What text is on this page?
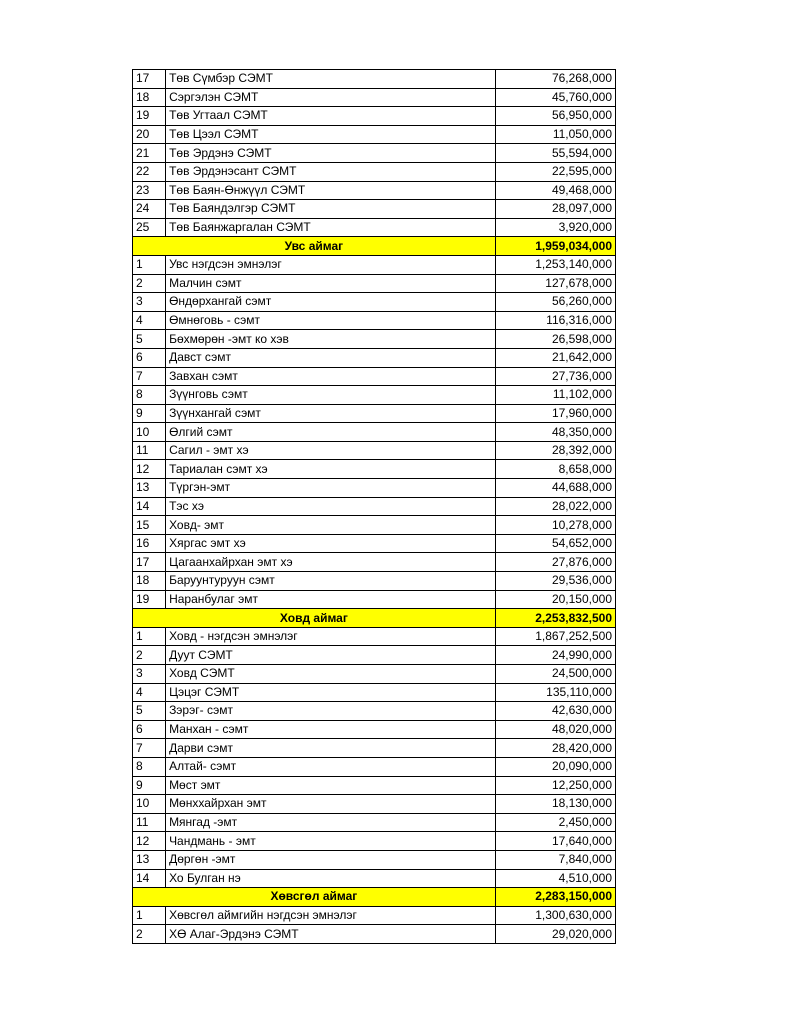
17	Төв Сүмбэр СЭМТ	76,268,000
18	Сэргэлэн СЭМТ	45,760,000
19	Төв Угтаал СЭМТ	56,950,000
20	Төв Цээл СЭМТ	11,050,000
21	Төв Эрдэнэ СЭМТ	55,594,000
22	Төв Эрдэнэсант СЭМТ	22,595,000
23	Төв Баян-Өнжүүл СЭМТ	49,468,000
24	Төв Баяндэлгэр СЭМТ	28,097,000
25	Төв Баянжаргалан СЭМТ	3,920,000
Увс аймаг		1,959,034,000
1	Увс нэгдсэн эмнэлэг	1,253,140,000
2	Малчин сэмт	127,678,000
3	Өндөрхангай сэмт	56,260,000
4	Өмнөговь - сэмт	116,316,000
5	Бөхмөрөн -эмт ко хэв	26,598,000
6	Давст сэмт	21,642,000
7	Завхан сэмт	27,736,000
8	Зүүнговь сэмт	11,102,000
9	Зүүнхангай сэмт	17,960,000
10	Өлгий сэмт	48,350,000
11	Сагил - эмт хэ	28,392,000
12	Тариалан сэмт хэ	8,658,000
13	Түргэн-эмт	44,688,000
14	Тэс хэ	28,022,000
15	Ховд- эмт	10,278,000
16	Хяргас эмт хэ	54,652,000
17	Цагаанхайрхан эмт хэ	27,876,000
18	Баруунтуруун сэмт	29,536,000
19	Наранбулаг эмт	20,150,000
Ховд аймаг		2,253,832,500
1	Ховд - нэгдсэн эмнэлэг	1,867,252,500
2	Дуут СЭМТ	24,990,000
3	Ховд СЭМТ	24,500,000
4	Цэцэг СЭМТ	135,110,000
5	Зэрэг- сэмт	42,630,000
6	Манхан - сэмт	48,020,000
7	Дарви сэмт	28,420,000
8	Алтай- сэмт	20,090,000
9	Мөст эмт	12,250,000
10	Мөнххайрхан эмт	18,130,000
11	Мянгад -эмт	2,450,000
12	Чандмань - эмт	17,640,000
13	Дөргөн -эмт	7,840,000
14	Хо Булган нэ	4,510,000
Хөвсгөл аймаг		2,283,150,000
1	Хөвсгөл аймгийн нэгдсэн эмнэлэг	1,300,630,000
2	ХӨ Алаг-Эрдэнэ СЭМТ	29,020,000
